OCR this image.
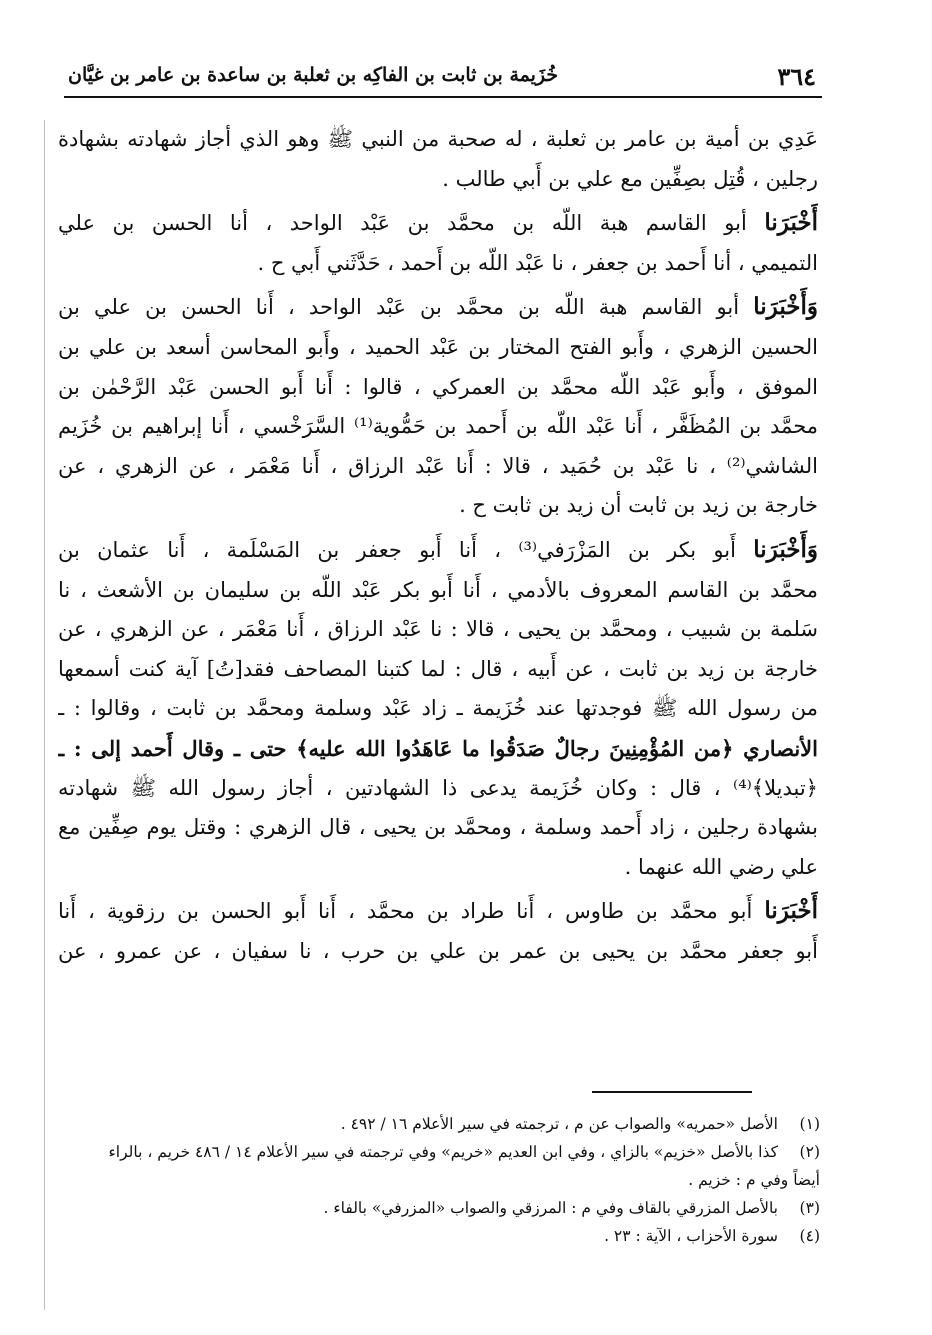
٣٦٤
خُزَيمة بن ثابت بن الفاكِه بن ثعلبة بن ساعدة بن عامر بن غيَّان
عَدِي بن أمية بن عامر بن ثعلبة ، له صحبة من النبي ﷺ وهو الذي أجاز شهادته بشهادة
رجلين ، قُتِل بصِفِّين مع علي بن أَبي طالب .
أَخْبَرَنا أبو القاسم هبة اللّه بن محمَّد بن عَبْد الواحد ، أنا الحسن بن علي
التميمي ، أنا أَحمد بن جعفر ، نا عَبْد اللّه بن أَحمد ، حَدَّثَني أَبي ح .
وَأَخْبَرَنا أبو القاسم هبة اللّه بن محمَّد بن عَبْد الواحد ، أَنا الحسن بن علي بن
الحسين الزهري ، وأَبو الفتح المختار بن عَبْد الحميد ، وأَبو المحاسن أسعد بن علي بن
الموفق ، وأَبو عَبْد اللّه محمَّد بن العمركي ، قالوا : أَنا أَبو الحسن عَبْد الرَّحْمٰن بن
محمَّد بن المُظَفَّر ، أَنا عَبْد اللّه بن أَحمد بن حَمُّوية⁽¹⁾ السَّرَخْسي ، أَنا إبراهيم بن خُزَيم
الشاشي⁽²⁾ ، نا عَبْد بن حُمَيد ، قالا : أَنا عَبْد الرزاق ، أَنا مَعْمَر ، عن الزهري ، عن
خارجة بن زيد بن ثابت أن زيد بن ثابت ح .
وَأَخْبَرَنا أَبو بكر بن المَزْرَفي⁽³⁾ ، أَنا أَبو جعفر بن المَسْلَمة ، أَنا عثمان بن
محمَّد بن القاسم المعروف بالأدمي ، أَنا أَبو بكر عَبْد اللّه بن سليمان بن الأشعث ، نا
سَلمة بن شبيب ، ومحمَّد بن يحيى ، قالا : نا عَبْد الرزاق ، أَنا مَعْمَر ، عن الزهري ، عن
خارجة بن زيد بن ثابت ، عن أَبيه ، قال : لما كتبنا المصاحف فقد[تُ] آية كنت أسمعها
من رسول الله ﷺ فوجدتها عند خُزَيمة ـ زاد عَبْد وسلمة ومحمَّد بن ثابت ، وقالوا : ـ
الأنصاري ﴿من المُؤْمِنِينَ رجالٌ صَدَقُوا ما عَاهَدُوا الله عليه﴾ حتى ـ وقال أَحمد إلى : ـ
﴿تبديلا﴾⁽⁴⁾ ، قال : وكان خُزَيمة يدعى ذا الشهادتين ، أجاز رسول الله ﷺ شهادته
بشهادة رجلين ، زاد أَحمد وسلمة ، ومحمَّد بن يحيى ، قال الزهري : وقتل يوم صِفِّين مع
علي رضي الله عنهما .
أَخْبَرَنا أَبو محمَّد بن طاوس ، أَنا طراد بن محمَّد ، أَنا أَبو الحسن بن رزقوية ، أَنا
أَبو جعفر محمَّد بن يحيى بن عمر بن علي بن حرب ، نا سفيان ، عن عمرو ، عن
(١)
الأصل «حمريه» والصواب عن م ، ترجمته في سير الأعلام ١٦ / ٤٩٢ .
(٢)
كذا بالأصل «خزيم» بالزاي ، وفي ابن العديم «خريم» وفي ترجمته في سير الأعلام ١٤ / ٤٨٦ خريم ، بالراء
أيضاً وفي م : خزيم .
(٣)
بالأصل المزرقي بالقاف وفي م : المرزقي والصواب «المزرفي» بالفاء .
(٤)
سورة الأحزاب ، الآية : ٢٣ .
